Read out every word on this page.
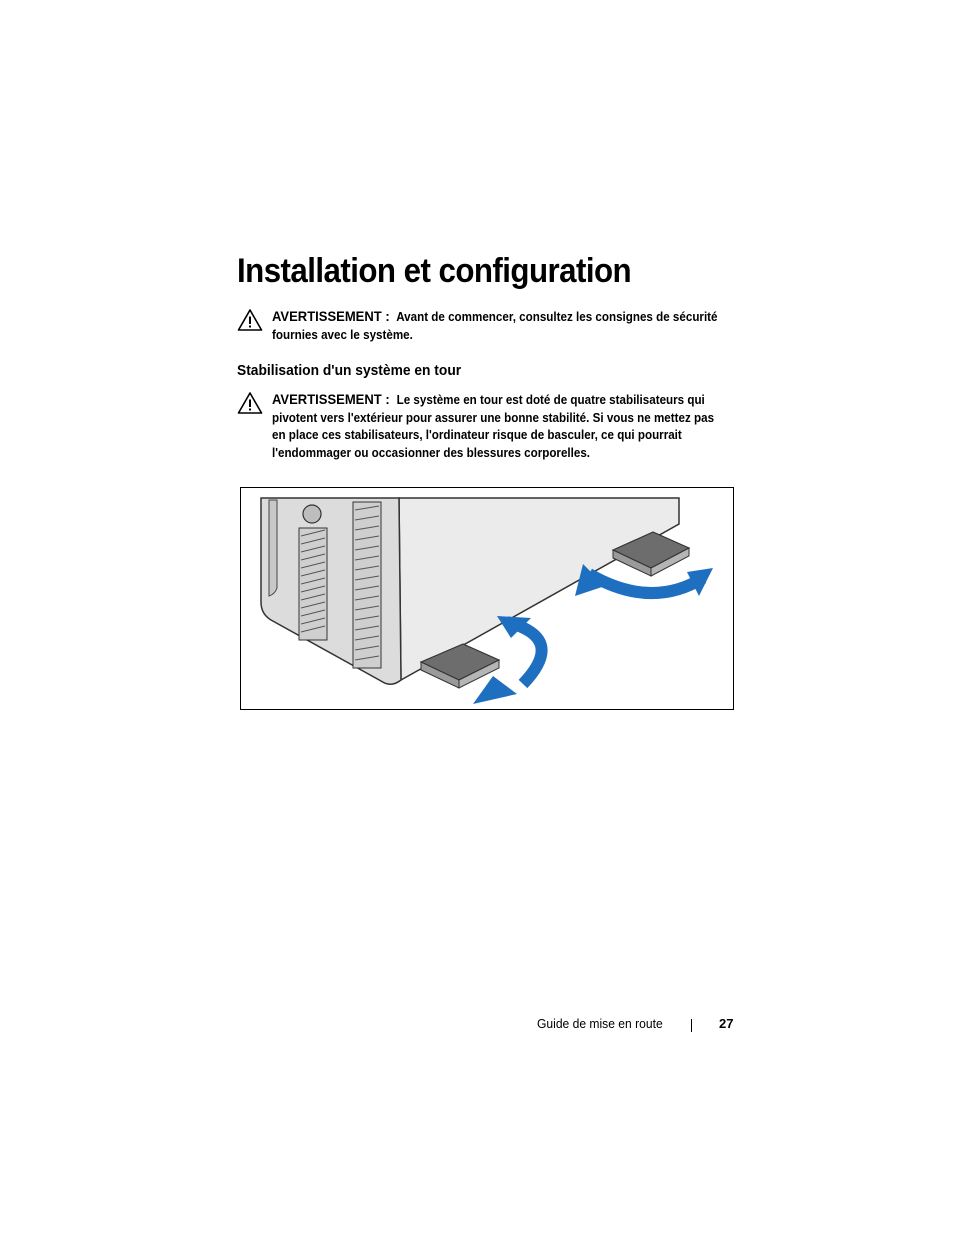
Installation et configuration
AVERTISSEMENT : Avant de commencer, consultez les consignes de sécurité fournies avec le système.
Stabilisation d'un système en tour
AVERTISSEMENT : Le système en tour est doté de quatre stabilisateurs qui pivotent vers l'extérieur pour assurer une bonne stabilité. Si vous ne mettez pas en place ces stabilisateurs, l'ordinateur risque de basculer, ce qui pourrait l'endommager ou occasionner des blessures corporelles.
Guide de mise en route	27
